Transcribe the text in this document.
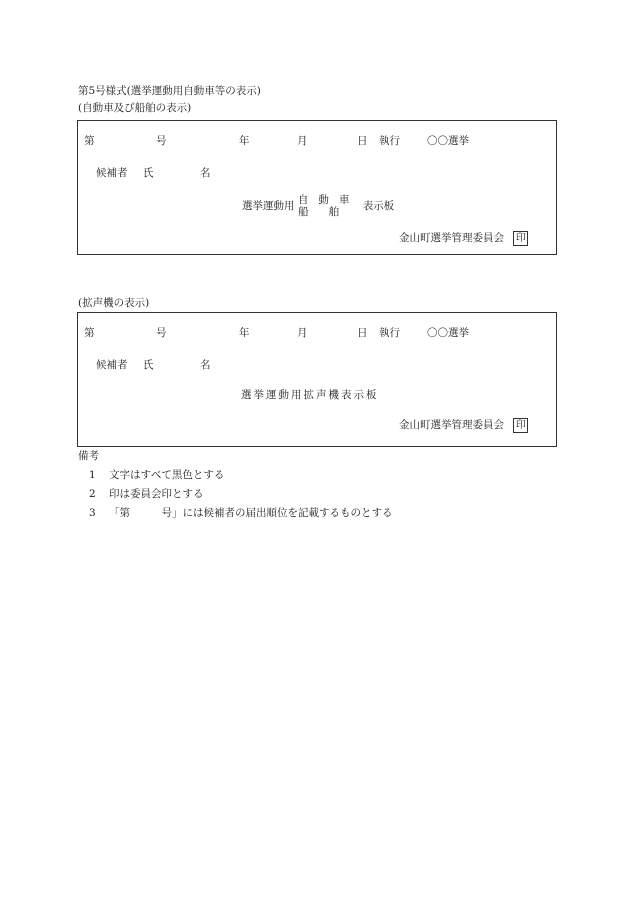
第5号様式(選挙運動用自動車等の表示)
(自動車及び船舶の表示)
第	号	年	月	日 執行	〇〇選挙
候補者 氏	名
選挙運動用 自動車
船舶 表示板
金山町選挙管理委員会 印
(拡声機の表示)
第	号	年	月	日 執行	〇〇選挙
候補者 氏	名
選挙運動用拡声機表示板
金山町選挙管理委員会 印
備考
1 文字はすべて黒色とする
2 印は委員会印とする
3 「第　　　号」には候補者の届出順位を記載するものとする
